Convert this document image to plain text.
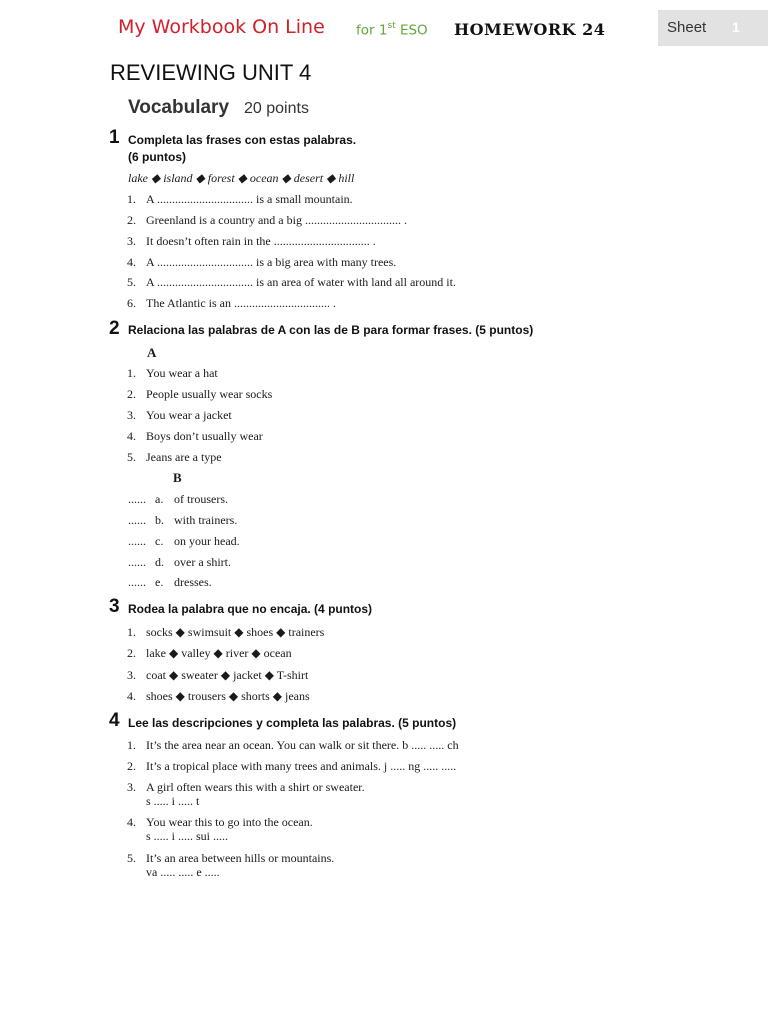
My Workbook On Line for 1st ESO HOMEWORK 24	Sheet 1
REVIEWING UNIT 4
Vocabulary 20 points
1 Completa las frases con estas palabras.
(6 puntos)
lake ◆ island ◆ forest ◆ ocean ◆ desert ◆ hill
1. A ................................ is a small mountain.
2. Greenland is a country and a big ................................ .
3. It doesn’t often rain in the ................................ .
4. A ................................ is a big area with many trees.
5. A ................................ is an area of water with land all around it.
6. The Atlantic is an ................................ .
2 Relaciona las palabras de A con las de B para formar frases. (5 puntos)
A
1. You wear a hat
2. People usually wear socks
3. You wear a jacket
4. Boys don’t usually wear
5. Jeans are a type
B
...... a. of trousers.
...... b. with trainers.
...... c. on your head.
...... d. over a shirt.
...... e. dresses.
3 Rodea la palabra que no encaja. (4 puntos)
1. socks ◆ swimsuit ◆ shoes ◆ trainers
2. lake ◆ valley ◆ river ◆ ocean
3. coat ◆ sweater ◆ jacket ◆ T-shirt
4. shoes ◆ trousers ◆ shorts ◆ jeans
4 Lee las descripciones y completa las palabras. (5 puntos)
1. It’s the area near an ocean. You can walk or sit there. b ..... ..... ch
2. It’s a tropical place with many trees and animals. j ..... ng ..... .....
3. A girl often wears this with a shirt or sweater.
s ..... i ..... t
4. You wear this to go into the ocean.
s ..... i ..... sui .....
5. It’s an area between hills or mountains.
va ..... ..... e .....
